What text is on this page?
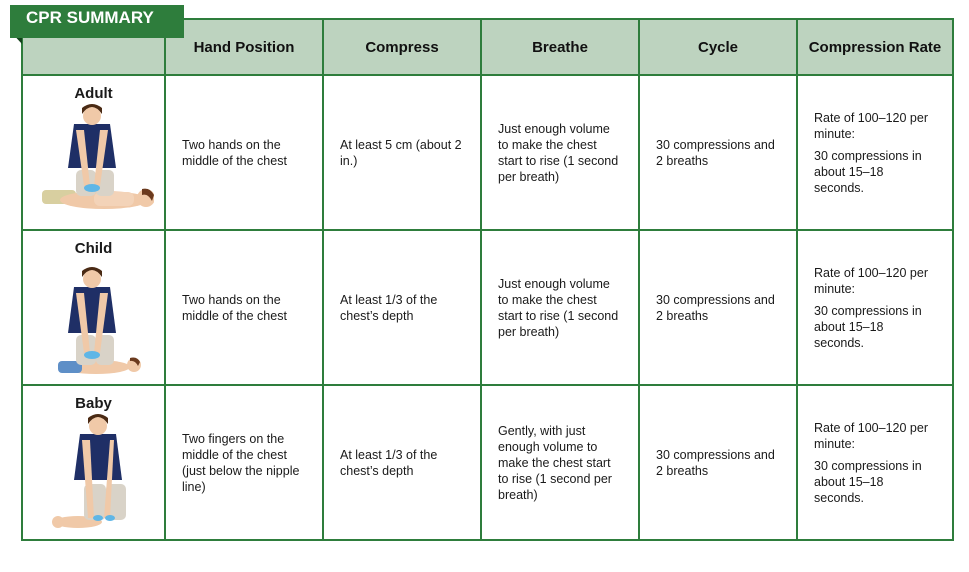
	Hand Position	Compress	Breathe	Cycle	Compression Rate

Adult	Two hands on the middle of the chest	At least 5 cm (about 2 in.)	Just enough volume to make the chest start to rise (1 second per breath)	30 compressions and 2 breaths	Rate of 100–120 per minute:
30 compressions in about 15–18 seconds.

Child	Two hands on the middle of the chest	At least 1/3 of the chest’s depth	Just enough volume to make the chest start to rise (1 second per breath)	30 compressions and 2 breaths	Rate of 100–120 per minute:
30 compressions in about 15–18 seconds.

Baby	Two fingers on the middle of the chest (just below the nipple line)	At least 1/3 of the chest’s depth	Gently, with just enough volume to make the chest start to rise (1 second per breath)	30 compressions and 2 breaths	Rate of 100–120 per minute:
30 compressions in about 15–18 seconds.
CPR SUMMARY
